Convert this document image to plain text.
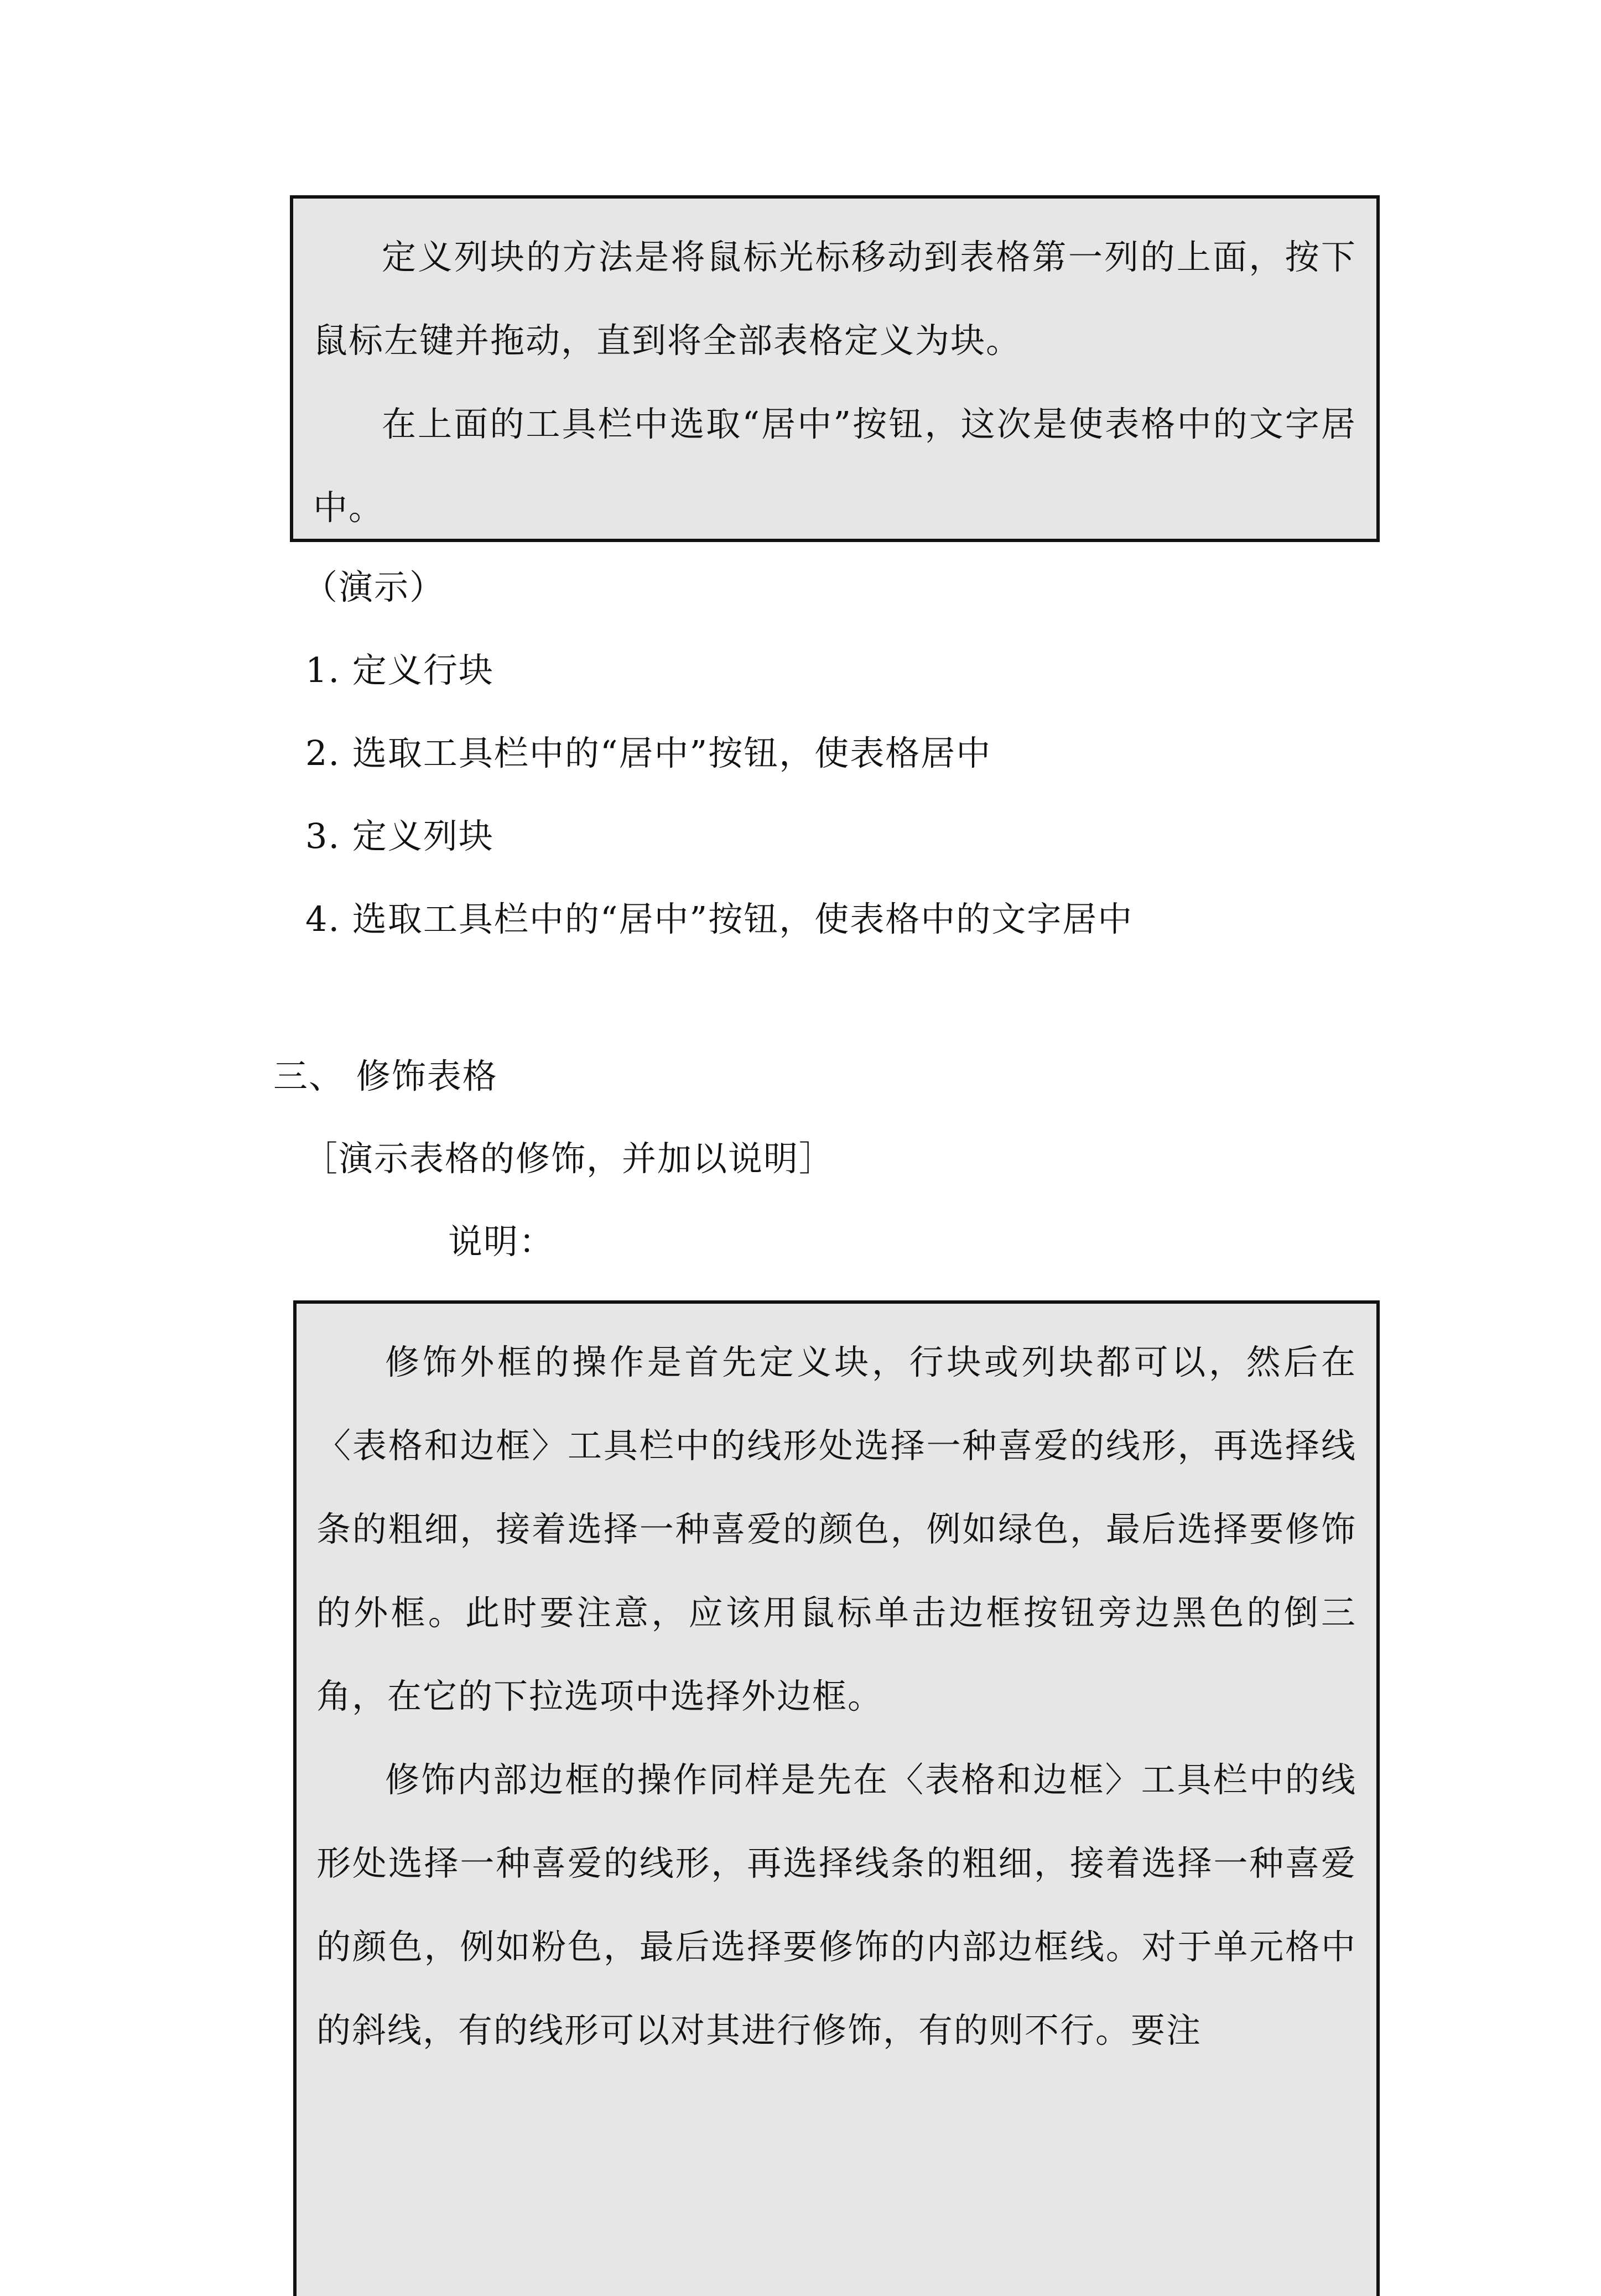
定义列块的方法是将鼠标光标移动到表格第一列的上面，按下鼠标左键并拖动，直到将全部表格定义为块。

在上面的工具栏中选取“居中”按钮，这次是使表格中的文字居中。

（演示）
1. 定义行块
2. 选取工具栏中的“居中”按钮，使表格居中
3. 定义列块
4. 选取工具栏中的“居中”按钮，使表格中的文字居中
三、 修饰表格
［演示表格的修饰，并加以说明］
说明：

修饰外框的操作是首先定义块，行块或列块都可以，然后在〈表格和边框〉工具栏中的线形处选择一种喜爱的线形，再选择线条的粗细，接着选择一种喜爱的颜色，例如绿色，最后选择要修饰的外框。此时要注意，应该用鼠标单击边框按钮旁边黑色的倒三角，在它的下拉选项中选择外边框。

修饰内部边框的操作同样是先在〈表格和边框〉工具栏中的线形处选择一种喜爱的线形，再选择线条的粗细，接着选择一种喜爱的颜色，例如粉色，最后选择要修饰的内部边框线。对于单元格中的斜线，有的线形可以对其进行修饰，有的则不行。要注
